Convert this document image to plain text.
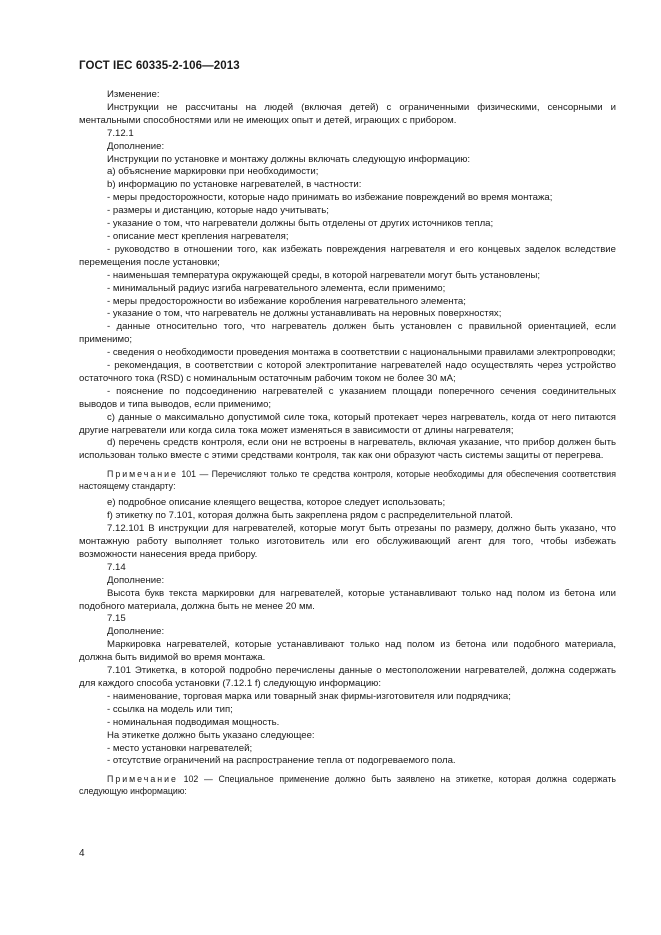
ГОСТ IEC 60335-2-106—2013
Изменение:
Инструкции не рассчитаны на людей (включая детей) с ограниченными физическими, сенсорными и ментальными способностями или не имеющих опыт и детей, играющих с прибором.
7.12.1
Дополнение:
Инструкции по установке и монтажу должны включать следующую информацию:
a) объяснение маркировки при необходимости;
b) информацию по установке нагревателей, в частности:
- меры предосторожности, которые надо принимать во избежание повреждений во время монтажа;
- размеры и дистанцию, которые надо учитывать;
- указание о том, что нагреватели должны быть отделены от других источников тепла;
- описание мест крепления нагревателя;
- руководство в отношении того, как избежать повреждения нагревателя и его концевых заделок вследствие перемещения после установки;
- наименьшая температура окружающей среды, в которой нагреватели могут быть установлены;
- минимальный радиус изгиба нагревательного элемента, если применимо;
- меры предосторожности во избежание коробления нагревательного элемента;
- указание о том, что нагреватель не должны устанавливать на неровных поверхностях;
- данные относительно того, что нагреватель должен быть установлен с правильной ориентацией, если применимо;
- сведения о необходимости проведения монтажа в соответствии с национальными правилами электропроводки;
- рекомендация, в соответствии с которой электропитание нагревателей надо осуществлять через устройство остаточного тока (RSD) с номинальным остаточным рабочим током не более 30 мА;
- пояснение по подсоединению нагревателей с указанием площади поперечного сечения соединительных выводов и типа выводов, если применимо;
c) данные о максимально допустимой силе тока, который протекает через нагреватель, когда от него питаются другие нагреватели или когда сила тока может изменяться в зависимости от длины нагревателя;
d) перечень средств контроля, если они не встроены в нагреватель, включая указание, что прибор должен быть использован только вместе с этими средствами контроля, так как они образуют часть системы защиты от перегрева.
Примечание 101 — Перечисляют только те средства контроля, которые необходимы для обеспечения соответствия настоящему стандарту:
e) подробное описание клеящего вещества, которое следует использовать;
f) этикетку по 7.101, которая должна быть закреплена рядом с распределительной платой.
7.12.101 В инструкции для нагревателей, которые могут быть отрезаны по размеру, должно быть указано, что монтажную работу выполняет только изготовитель или его обслуживающий агент для того, чтобы избежать возможности нанесения вреда прибору.
7.14
Дополнение:
Высота букв текста маркировки для нагревателей, которые устанавливают только над полом из бетона или подобного материала, должна быть не менее 20 мм.
7.15
Дополнение:
Маркировка нагревателей, которые устанавливают только над полом из бетона или подобного материала, должна быть видимой во время монтажа.
7.101 Этикетка, в которой подробно перечислены данные о местоположении нагревателей, должна содержать для каждого способа установки (7.12.1 f) следующую информацию:
- наименование, торговая марка или товарный знак фирмы-изготовителя или подрядчика;
- ссылка на модель или тип;
- номинальная подводимая мощность.
На этикетке должно быть указано следующее:
- место установки нагревателей;
- отсутствие ограничений на распространение тепла от подогреваемого пола.
Примечание 102 — Специальное применение должно быть заявлено на этикетке, которая должна содержать следующую информацию:
4
